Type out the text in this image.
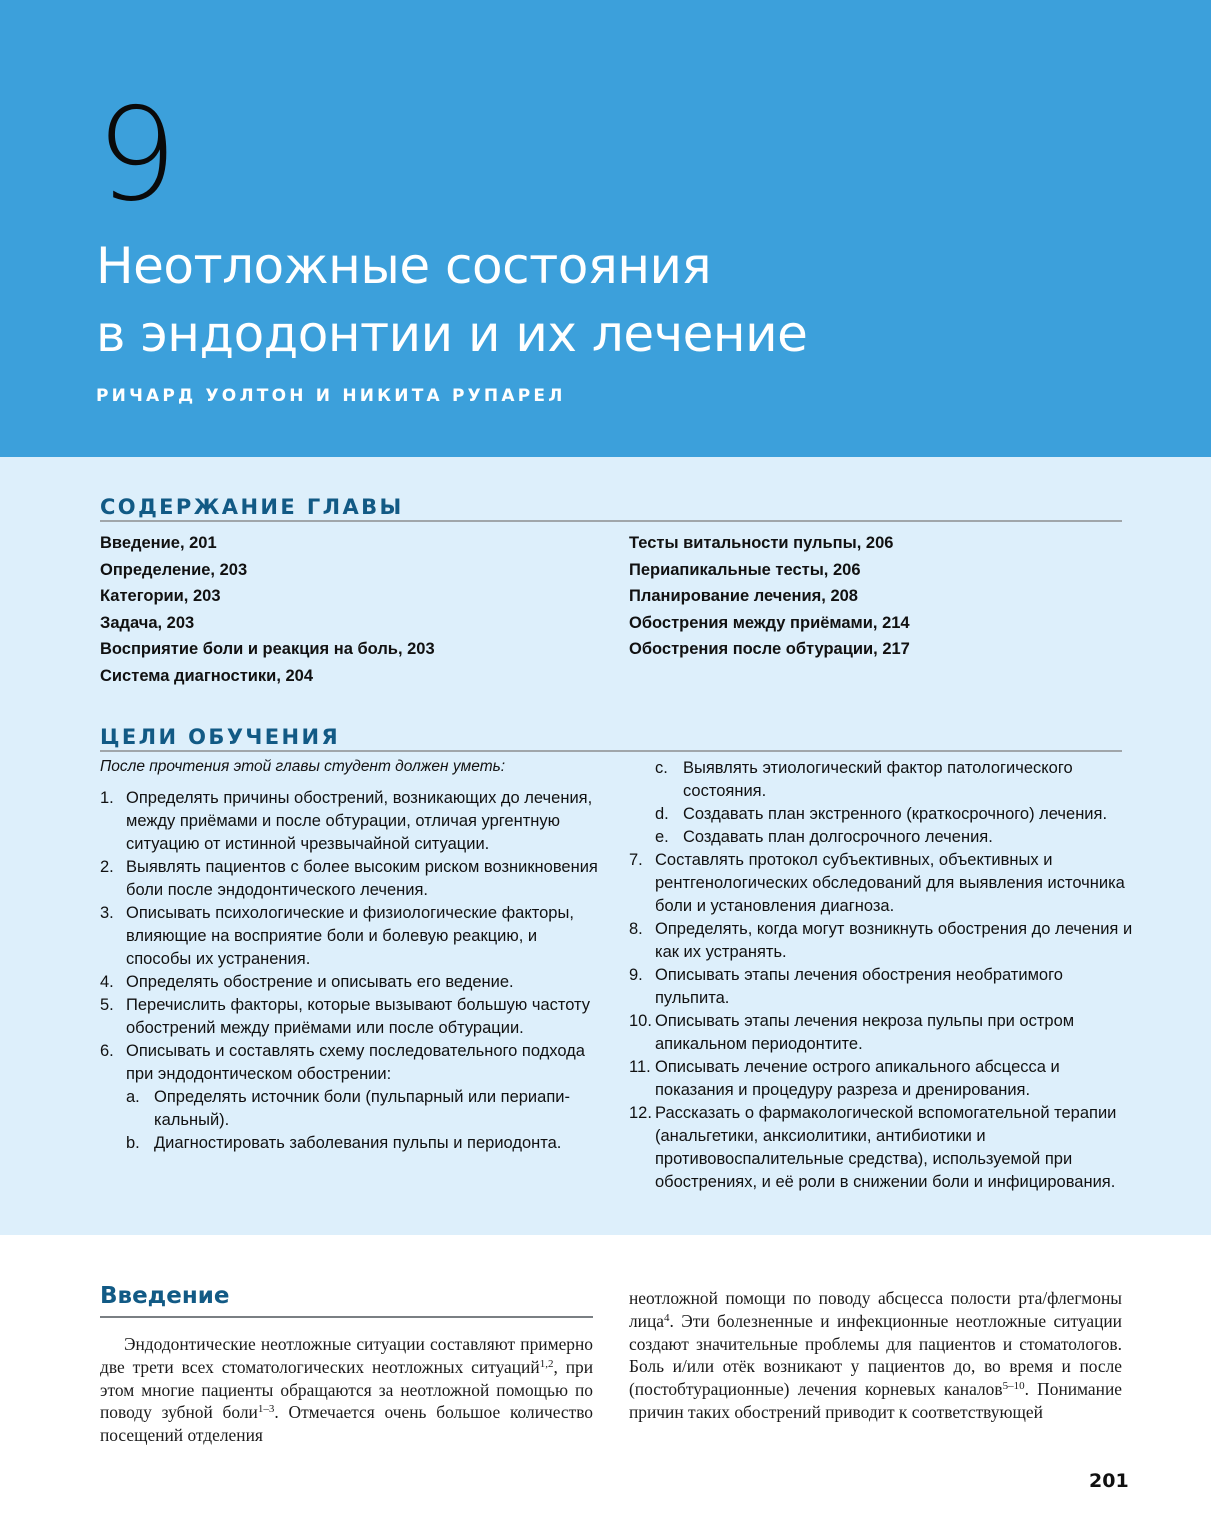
9
Неотложные состояния
в эндодонтии и их лечение
РИЧАРД УОЛТОН И НИКИТА РУПАРЕЛ
СОДЕРЖАНИЕ ГЛАВЫ
Введение, 201
Определение, 203
Категории, 203
Задача, 203
Восприятие боли и реакция на боль, 203
Система диагностики, 204
Тесты витальности пульпы, 206
Периапикальные тесты, 206
Планирование лечения, 208
Обострения между приёмами, 214
Обострения после обтурации, 217
ЦЕЛИ ОБУЧЕНИЯ
После прочтения этой главы студент должен уметь:
1. Определять причины обострений, возникающих до лечения, между приёмами и после обтурации, отличая ургентную ситуацию от истинной чрезвычайной ситуации.
2. Выявлять пациентов с более высоким риском возникновения боли после эндодонтического лечения.
3. Описывать психологические и физиологические факторы, влияющие на восприятие боли и болевую реакцию, и способы их устранения.
4. Определять обострение и описывать его ведение.
5. Перечислить факторы, которые вызывают большую частоту обострений между приёмами или после обтурации.
6. Описывать и составлять схему последовательного подхода при эндодонтическом обострении:
a. Определять источник боли (пульпарный или периапи-кальный).
b. Диагностировать заболевания пульпы и периодонта.
c. Выявлять этиологический фактор патологического состояния.
d. Создавать план экстренного (краткосрочного) лечения.
e. Создавать план долгосрочного лечения.
7. Составлять протокол субъективных, объективных и рентгенологических обследований для выявления источника боли и установления диагноза.
8. Определять, когда могут возникнуть обострения до лечения и как их устранять.
9. Описывать этапы лечения обострения необратимого пульпита.
10. Описывать этапы лечения некроза пульпы при остром апикальном периодонтите.
11. Описывать лечение острого апикального абсцесса и показания и процедуру разреза и дренирования.
12. Рассказать о фармакологической вспомогательной терапии (анальгетики, анксиолитики, антибиотики и противовоспалительные средства), используемой при обострениях, и её роли в снижении боли и инфицирования.
Введение
Эндодонтические неотложные ситуации составляют примерно две трети всех стоматологических неотложных ситуаций$^{1,2}$, при этом многие пациенты обращаются за неотложной помощью по поводу зубной боли$^{1-3}$. Отмечается очень большое количество посещений отделения
неотложной помощи по поводу абсцесса полости рта/флегмоны лица$^4$. Эти болезненные и инфекционные неотложные ситуации создают значительные проблемы для пациентов и стоматологов. Боль и/или отёк возникают у пациентов до, во время и после (постобтурационные) лечения корневых каналов$^{5-10}$. Понимание причин таких обострений приводит к соответствующей
201
